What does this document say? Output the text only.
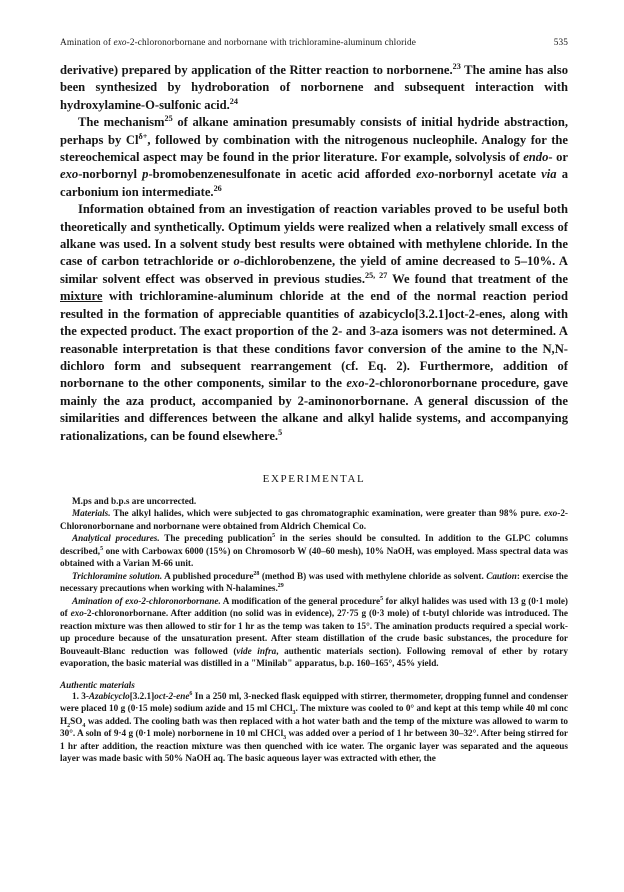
Amination of exo-2-chloronorbornane and norbornane with trichloramine-aluminum chloride	535

derivative) prepared by application of the Ritter reaction to norbornene.$^{23}$ The amine has also been synthesized by hydroboration of norbornene and subsequent interaction with hydroxylamine-O-sulfonic acid.$^{24}$

The mechanism$^{25}$ of alkane amination presumably consists of initial hydride abstraction, perhaps by $Cl^{\delta+}$, followed by combination with the nitrogenous nucleophile. Analogy for the stereochemical aspect may be found in the prior literature. For example, solvolysis of endo- or exo-norbornyl p-bromobenzenesulfonate in acetic acid afforded exo-norbornyl acetate via a carbonium ion intermediate.$^{26}$

Information obtained from an investigation of reaction variables proved to be useful both theoretically and synthetically. Optimum yields were realized when a relatively small excess of alkane was used. In a solvent study best results were obtained with methylene chloride. In the case of carbon tetrachloride or o-dichlorobenzene, the yield of amine decreased to 5–10%. A similar solvent effect was observed in previous studies.$^{25, 27}$ We found that treatment of the mixture with trichloramine-aluminum chloride at the end of the normal reaction period resulted in the formation of appreciable quantities of azabicyclo[3.2.1]oct-2-enes, along with the expected product. The exact proportion of the 2- and 3-aza isomers was not determined. A reasonable interpretation is that these conditions favor conversion of the amine to the N,N-dichloro form and subsequent rearrangement (cf. Eq. 2). Furthermore, addition of norbornane to the other components, similar to the exo-2-chloronorbornane procedure, gave mainly the aza product, accompanied by 2-aminonorbornane. A general discussion of the similarities and differences between the alkane and alkyl halide systems, and accompanying rationalizations, can be found elsewhere.$^5$

EXPERIMENTAL

M.ps and b.p.s are uncorrected.

Materials. The alkyl halides, which were subjected to gas chromatographic examination, were greater than 98% pure. exo-2-Chloronorbornane and norbornane were obtained from Aldrich Chemical Co.

Analytical procedures. The preceding publication$^5$ in the series should be consulted. In addition to the GLPC columns described,$^5$ one with Carbowax 6000 (15%) on Chromosorb W (40–60 mesh), 10% NaOH, was employed. Mass spectral data was obtained with a Varian M-66 unit.

Trichloramine solution. A published procedure$^{28}$ (method B) was used with methylene chloride as solvent. Caution: exercise the necessary precautions when working with N-halamines.$^{29}$

Amination of exo-2-chloronorbornane. A modification of the general procedure$^5$ for alkyl halides was used with 13 g (0·1 mole) of exo-2-chloronorbornane. After addition (no solid was in evidence), 27·75 g (0·3 mole) of t-butyl chloride was introduced. The reaction mixture was then allowed to stir for 1 hr as the temp was taken to 15°. The amination products required a special work-up procedure because of the unsaturation present. After steam distillation of the crude basic substances, the procedure for Bouveault-Blanc reduction was followed (vide infra, authentic materials section). Following removal of ether by rotary evaporation, the basic material was distilled in a "Minilab" apparatus, b.p. 160–165°, 45% yield.

Authentic materials

1. 3-Azabicyclo[3.2.1]oct-2-ene$^6$ In a 250 ml, 3-necked flask equipped with stirrer, thermometer, dropping funnel and condenser were placed 10 g (0·15 mole) sodium azide and 15 ml CHCl$_3$. The mixture was cooled to 0° and kept at this temp while 40 ml conc $H_2SO_4$ was added. The cooling bath was then replaced with a hot water bath and the temp of the mixture was allowed to warm to 30°. A soln of 9·4 g (0·1 mole) norbornene in 10 ml CHCl$_3$ was added over a period of 1 hr between 30–32°. After being stirred for 1 hr after addition, the reaction mixture was then quenched with ice water. The organic layer was separated and the aqueous layer was made basic with 50% NaOH aq. The basic aqueous layer was extracted with ether, the
